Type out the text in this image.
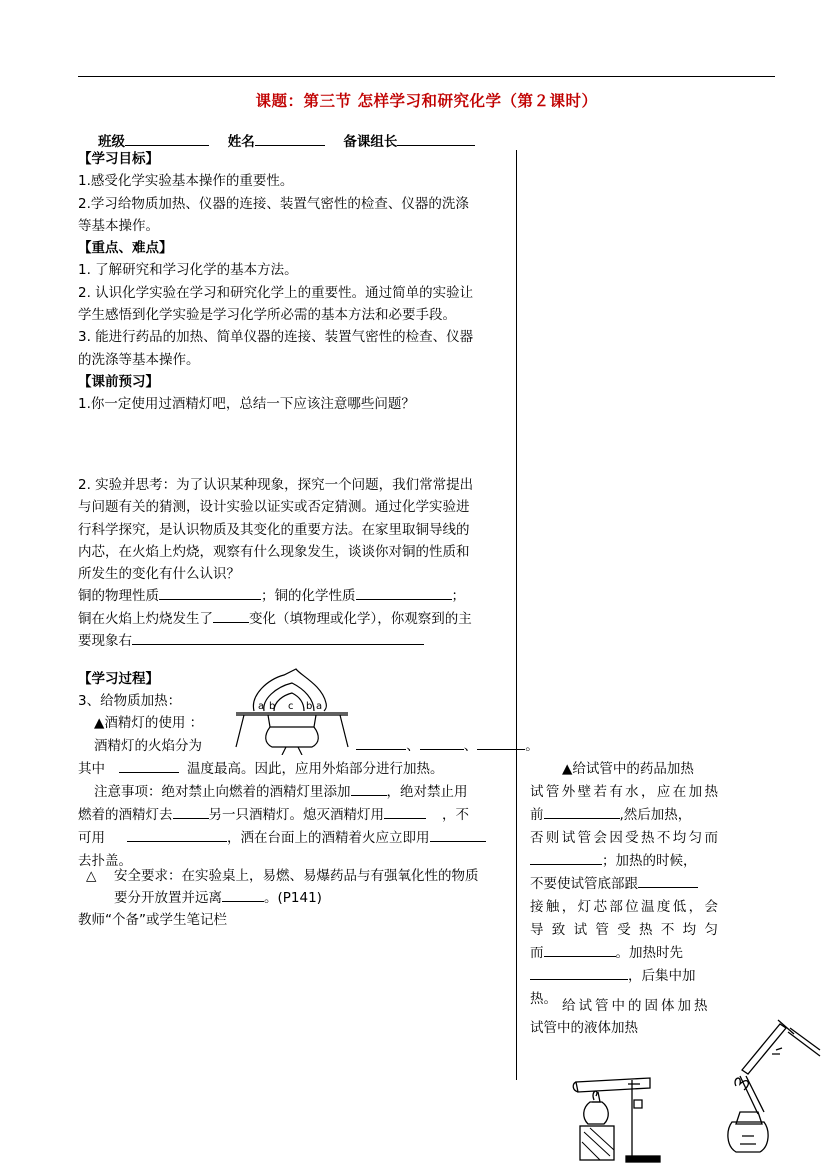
课题：第三节 怎样学习和研究化学（第２课时）
班级	姓名	备课组长

【学习目标】

1.感受化学实验基本操作的重要性。

2.学习给物质加热、仪器的连接、装置气密性的检查、仪器的洗涤

等基本操作。

【重点、难点】

1. 了解研究和学习化学的基本方法。

2. 认识化学实验在学习和研究化学上的重要性。通过简单的实验让

学生感悟到化学实验是学习化学所必需的基本方法和必要手段。

3. 能进行药品的加热、简单仪器的连接、装置气密性的检查、仪器

的洗涤等基本操作。

【课前预习】

1.你一定使用过酒精灯吧，总结一下应该注意哪些问题？

2. 实验并思考：为了认识某种现象，探究一个问题，我们常常提出

与问题有关的猜测，设计实验以证实或否定猜测。通过化学实验进

行科学探究，是认识物质及其变化的重要方法。在家里取铜导线的

内芯，在火焰上灼烧，观察有什么现象发生，谈谈你对铜的性质和

所发生的变化有什么认识？

铜的物理性质	；铜的化学性质	；

铜在火焰上灼烧发生了	变化（填物理或化学），你观察到的主

要现象右

【学习过程】
3、给物质加热：
▲酒精灯的使用 ：
a b c b a
酒精灯的火焰分为	、	、	。
其中	温度最高。因此，应用外焰部分进行加热。
注意事项：绝对禁止向燃着的酒精灯里添加	，绝对禁止用
燃着的酒精灯去	另一只酒精灯。熄灭酒精灯用	，不
可用	，洒在台面上的酒精着火应立即用
去扑盖。
△ 安全要求：在实验桌上，易燃、易爆药品与有强氧化性的物质
要分开放置并远离	。(P141)
教师“个备”或学生笔记栏
▲给试管中的药品加热

试管外壁若有水，应在加热

前	,然后加热，

否则试管会因受热不均匀而

；加热的时候，

不要使试管底部跟

接触，灯芯部位温度低，会

导致试管受热不均匀

而	。加热时先

，后集中加

热。 给试管中的固体加热
试管中的液体加热
